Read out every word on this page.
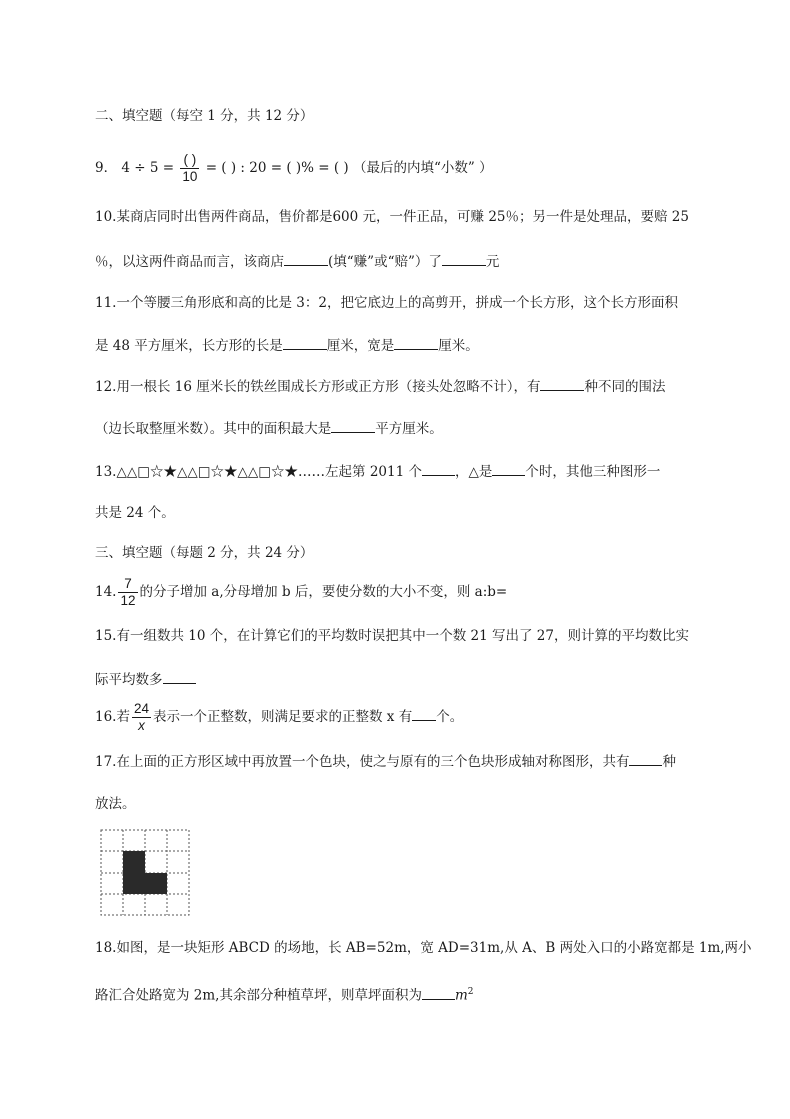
二、填空题（每空 1 分，共 12 分）
9． $4 \div 5 = \frac{( )}{10}$ = ( ) : 20 = ( )% = ( ) （最后的内填“小数” ）
10.某商店同时出售两件商品，售价都是600 元，一件正品，可赚 25％；另一件是处理品，要赔 25
％，以这两件商品而言，该商店	(填“赚”或“赔”）了	元
11.一个等腰三角形底和高的比是 3：2，把它底边上的高剪开，拼成一个长方形，这个长方形面积
是 48 平方厘米，长方形的长是	厘米，宽是	厘米。
12.用一根长 16 厘米长的铁丝围成长方形或正方形（接头处忽略不计），有	种不同的围法
（边长取整厘米数）。其中的面积最大是	平方厘米。
13.△△□☆★△△□☆★△△□☆★……左起第 2011 个 ，△是 个时，其他三种图形一
共是 24 个。
三、填空题（每题 2 分，共 24 分）
14. $\frac{7}{12}$ 的分子增加 a,分母增加 b 后，要使分数的大小不变，则 a:b=
15.有一组数共 10 个，在计算它们的平均数时误把其中一个数 21 写出了 27，则计算的平均数比实
际平均数多
16.若 $\frac{24}{x}$ 表示一个正整数，则满足要求的正整数 x 有 个。
17.在上面的正方形区域中再放置一个色块，使之与原有的三个色块形成轴对称图形，共有 种
放法。
18.如图，是一块矩形 ABCD 的场地，长 AB=52m，宽 AD=31m,从 A、B 两处入口的小路宽都是 1m,两小
路汇合处路宽为 2m,其余部分种植草坪，则草坪面积为 $m^2$
